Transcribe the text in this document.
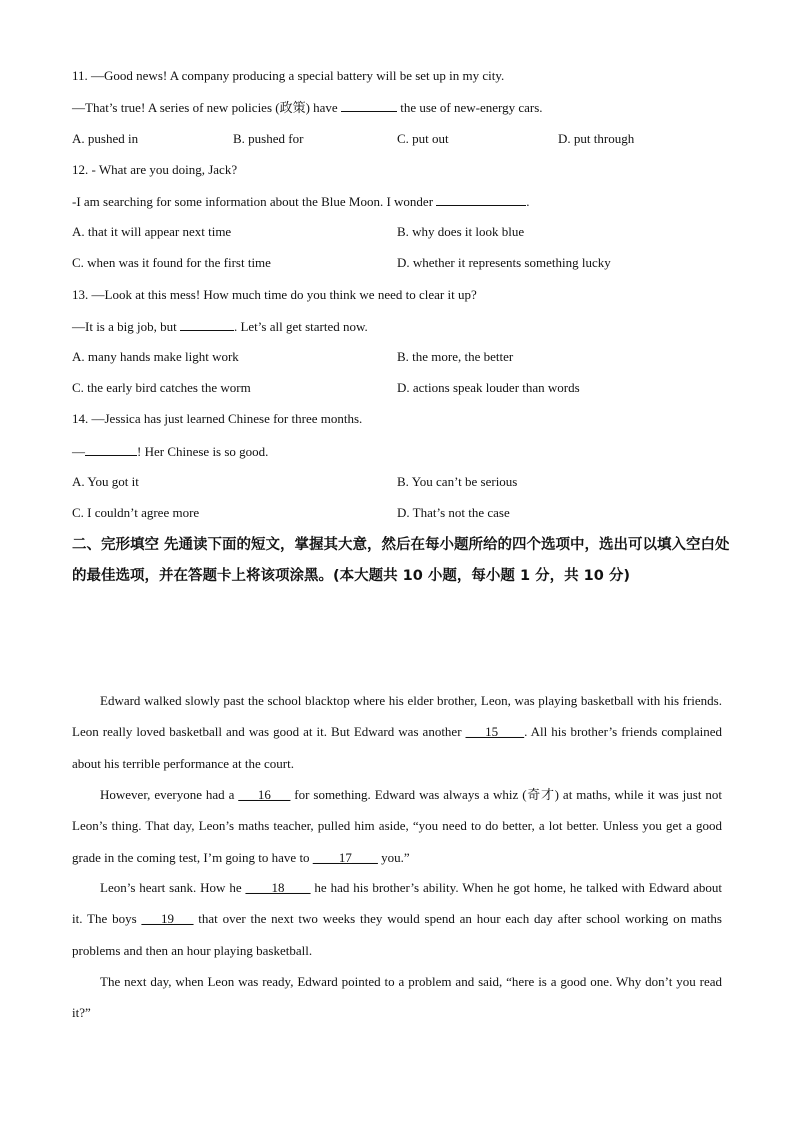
11. —Good news! A company producing a special battery will be set up in my city.
—That’s true! A series of new policies (政策) have	the use of new-energy cars.
A. pushed in	B. pushed for	C. put out	D. put through
12. - What are you doing, Jack?
-I am searching for some information about the Blue Moon. I wonder	.
A. that it will appear next time	B. why does it look blue
C. when was it found for the first time	D. whether it represents something lucky
13. —Look at this mess! How much time do you think we need to clear it up?
—It is a big job, but	. Let’s all get started now.
A. many hands make light work	B. the more, the better
C. the early bird catches the worm	D. actions speak louder than words
14. —Jessica has just learned Chinese for three months.
—	! Her Chinese is so good.
A. You got it	B. You can’t be serious
C. I couldn’t agree more	D. That’s not the case
二、完形填空 先通读下面的短文，掌握其大意，然后在每小题所给的四个选项中，选出可以填入空白处的最佳选项，并在答题卡上将该项涂黑。(本大题共 10 小题，每小题 1 分，共 10 分)
Edward walked slowly past the school blacktop where his elder brother, Leon, was playing basketball with his friends. Leon really loved basketball and was good at it. But Edward was another ___15____. All his brother’s friends complained about his terrible performance at the court.
However, everyone had a ___16___ for something. Edward was always a whiz (奇才) at maths, while it was just not Leon’s thing. That day, Leon’s maths teacher, pulled him aside, “you need to do better, a lot better. Unless you get a good grade in the coming test, I’m going to have to ____17____ you.”
Leon’s heart sank. How he ____18____ he had his brother’s ability. When he got home, he talked with Edward about it. The boys ___19___ that over the next two weeks they would spend an hour each day after school working on maths problems and then an hour playing basketball.
The next day, when Leon was ready, Edward pointed to a problem and said, “here is a good one. Why don’t you read it?”
